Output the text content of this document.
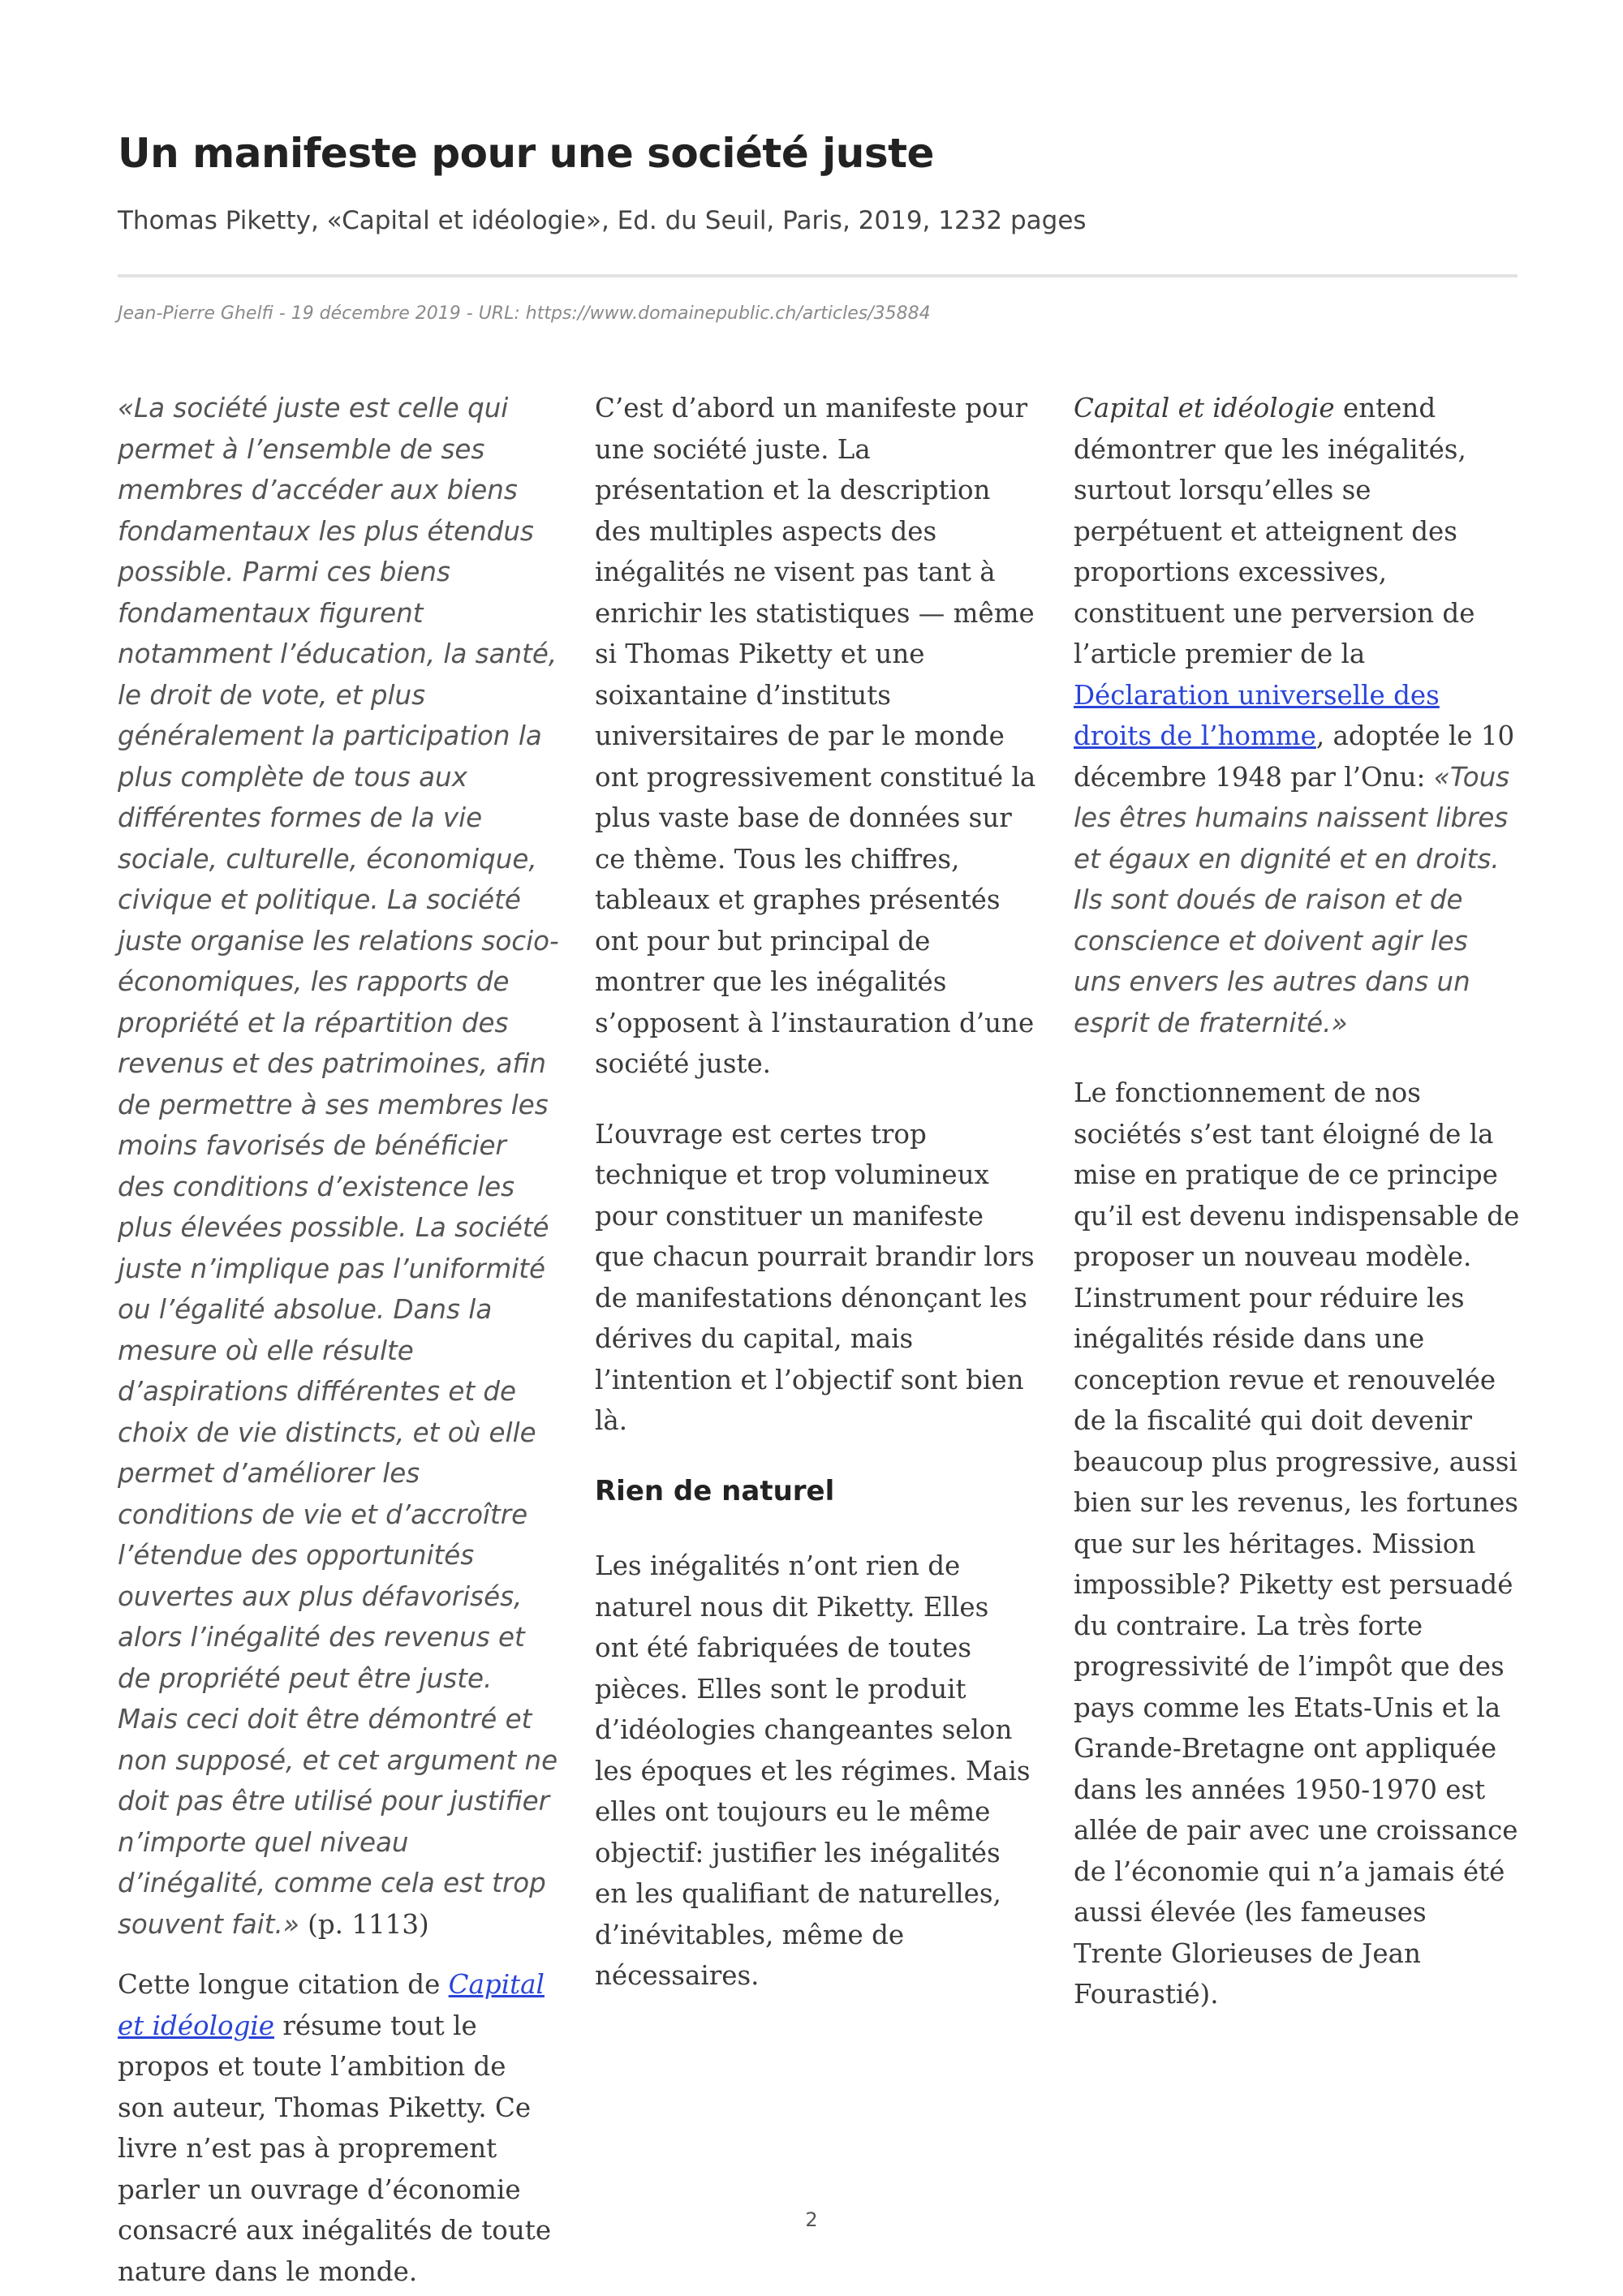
Un manifeste pour une société juste

Thomas Piketty, «Capital et idéologie», Ed. du Seuil, Paris, 2019, 1232 pages

Jean-Pierre Ghelfi - 19 décembre 2019 - URL: https://www.domainepublic.ch/articles/35884

«La société juste est celle qui permet à l’ensemble de ses membres d’accéder aux biens fondamentaux les plus étendus possible. Parmi ces biens fondamentaux figurent notamment l’éducation, la santé, le droit de vote, et plus généralement la participation la plus complète de tous aux différentes formes de la vie sociale, culturelle, économique, civique et politique. La société juste organise les relations socio-économiques, les rapports de propriété et la répartition des revenus et des patrimoines, afin de permettre à ses membres les moins favorisés de bénéficier des conditions d’existence les plus élevées possible. La société juste n’implique pas l’uniformité ou l’égalité absolue. Dans la mesure où elle résulte d’aspirations différentes et de choix de vie distincts, et où elle permet d’améliorer les conditions de vie et d’accroître l’étendue des opportunités ouvertes aux plus défavorisés, alors l’inégalité des revenus et de propriété peut être juste. Mais ceci doit être démontré et non supposé, et cet argument ne doit pas être utilisé pour justifier n’importe quel niveau d’inégalité, comme cela est trop souvent fait.» (p. 1113)

Cette longue citation de Capital et idéologie résume tout le propos et toute l’ambition de son auteur, Thomas Piketty. Ce livre n’est pas à proprement parler un ouvrage d’économie consacré aux inégalités de toute nature dans le monde.

C’est d’abord un manifeste pour une société juste. La présentation et la description des multiples aspects des inégalités ne visent pas tant à enrichir les statistiques — même si Thomas Piketty et une soixantaine d’instituts universitaires de par le monde ont progressivement constitué la plus vaste base de données sur ce thème. Tous les chiffres, tableaux et graphes présentés ont pour but principal de montrer que les inégalités s’opposent à l’instauration d’une société juste.

L’ouvrage est certes trop technique et trop volumineux pour constituer un manifeste que chacun pourrait brandir lors de manifestations dénonçant les dérives du capital, mais l’intention et l’objectif sont bien là.

Rien de naturel

Les inégalités n’ont rien de naturel nous dit Piketty. Elles ont été fabriquées de toutes pièces. Elles sont le produit d’idéologies changeantes selon les époques et les régimes. Mais elles ont toujours eu le même objectif: justifier les inégalités en les qualifiant de naturelles, d’inévitables, même de nécessaires.

Capital et idéologie entend démontrer que les inégalités, surtout lorsqu’elles se perpétuent et atteignent des proportions excessives, constituent une perversion de l’article premier de la Déclaration universelle des droits de l’homme, adoptée le 10 décembre 1948 par l’Onu: «Tous les êtres humains naissent libres et égaux en dignité et en droits. Ils sont doués de raison et de conscience et doivent agir les uns envers les autres dans un esprit de fraternité.»

Le fonctionnement de nos sociétés s’est tant éloigné de la mise en pratique de ce principe qu’il est devenu indispensable de proposer un nouveau modèle. L’instrument pour réduire les inégalités réside dans une conception revue et renouvelée de la fiscalité qui doit devenir beaucoup plus progressive, aussi bien sur les revenus, les fortunes que sur les héritages. Mission impossible? Piketty est persuadé du contraire. La très forte progressivité de l’impôt que des pays comme les Etats-Unis et la Grande-Bretagne ont appliquée dans les années 1950-1970 est allée de pair avec une croissance de l’économie qui n’a jamais été aussi élevée (les fameuses Trente Glorieuses de Jean Fourastié).

2
